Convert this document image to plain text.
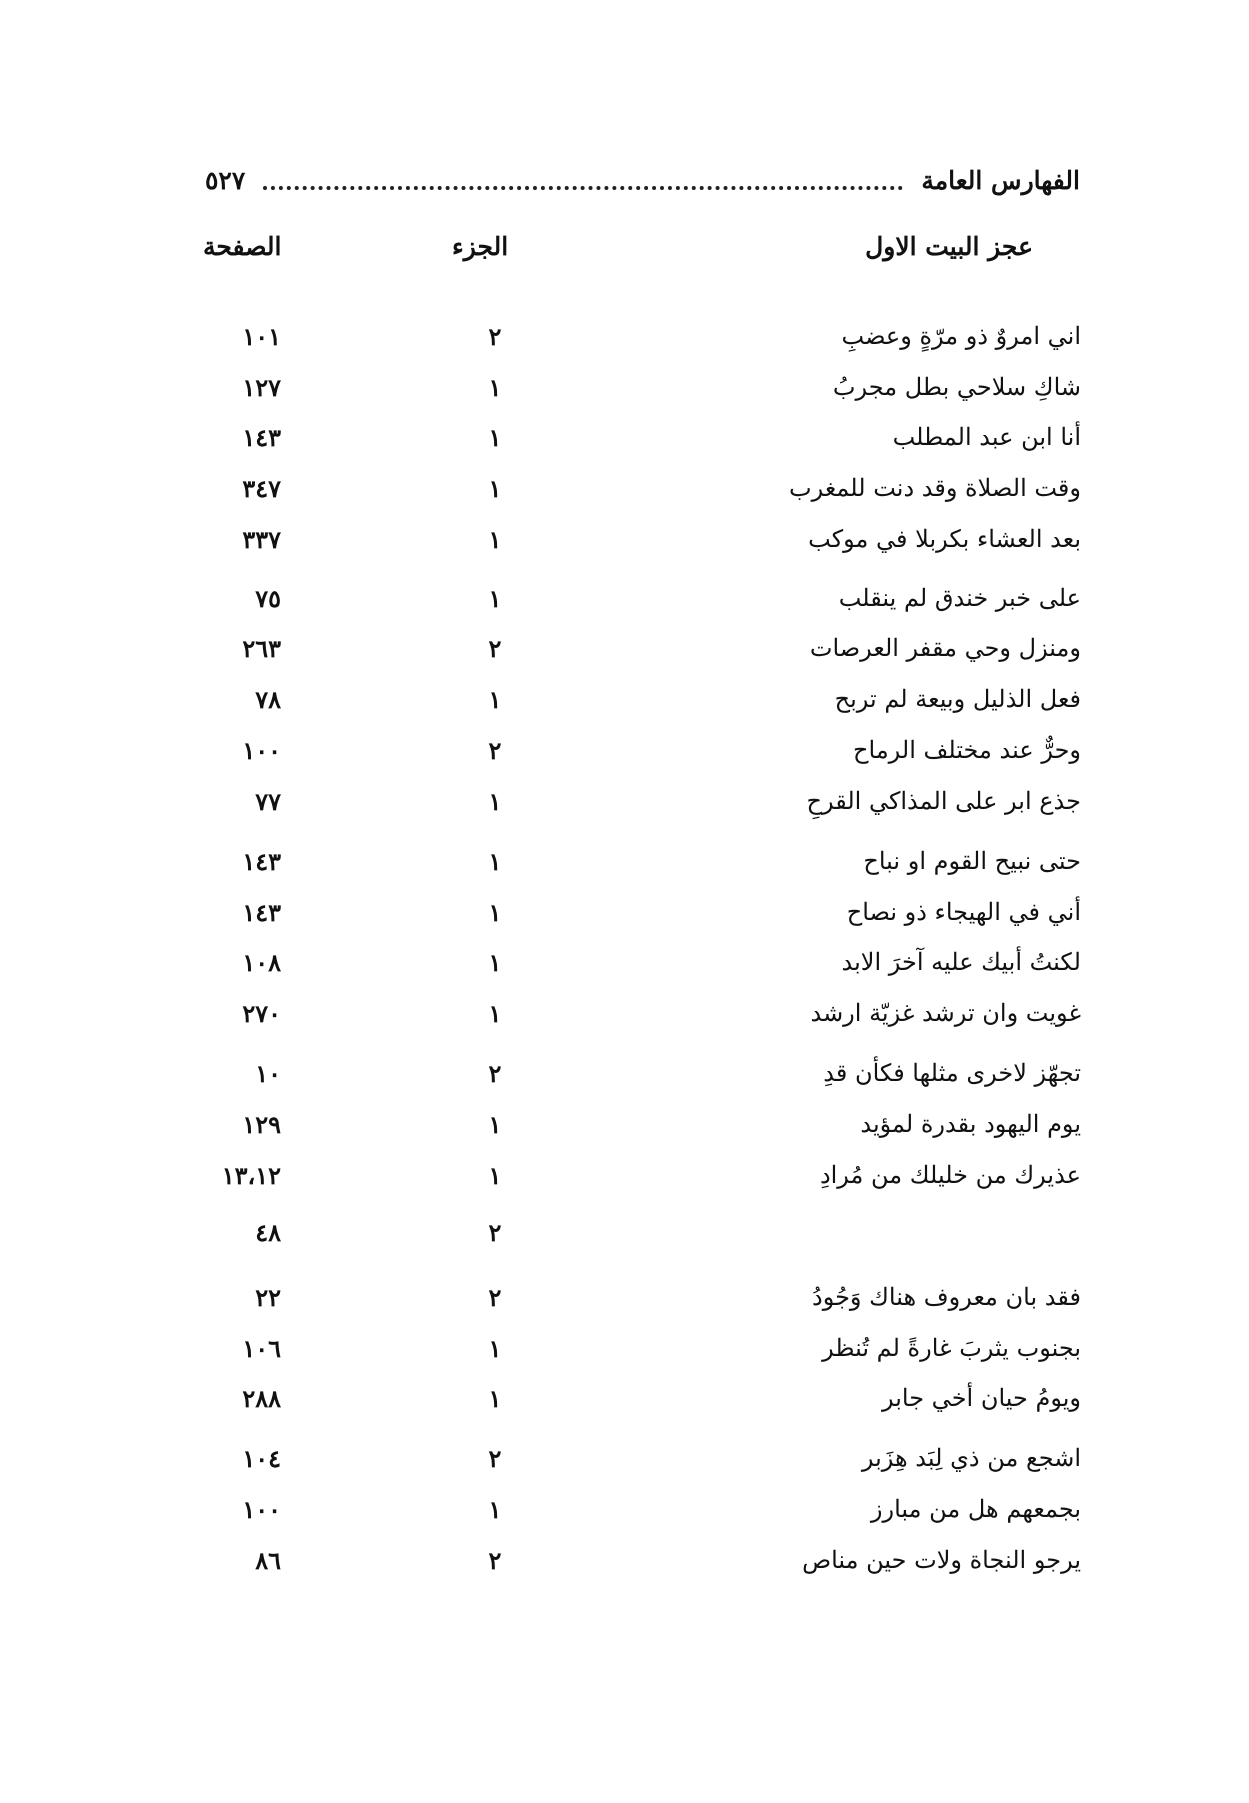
الفهارس العامة
٥٢٧
عجز البيت الاول
الجزء
الصفحة
اني امروٌ ذو مرّةٍ وعضبِ
٢
١٠١
شاكِ سلاحي بطل مجربُ
١
١٢٧
أنا ابن عبد المطلب
١
١٤٣
وقت الصلاة وقد دنت للمغرب
١
٣٤٧
بعد العشاء بكربلا في موكب
١
٣٣٧
على خبر خندق لم ينقلب
١
٧٥
ومنزل وحي مقفر العرصات
٢
٢٦٣
فعل الذليل وبيعة لم تربح
١
٧٨
وحرٌّ عند مختلف الرماح
٢
١٠٠
جذع ابر على المذاكي القرحِ
١
٧٧
حتى نبيح القوم او نباح
١
١٤٣
أني في الهيجاء ذو نصاح
١
١٤٣
لكنتُ أبيك عليه آخرَ الابد
١
١٠٨
غويت وان ترشد غزيّة ارشد
١
٢٧٠
تجهّز لاخرى مثلها فكأن قدِ
٢
١٠
يوم اليهود بقدرة لمؤيد
١
١٢٩
عذيرك من خليلك من مُرادِ
١
١٣،١٢
٢
٤٨
فقد بان معروف هناك وَجُودُ
٢
٢٢
بجنوب يثربَ غارةً لم تُنظر
١
١٠٦
ويومُ حيان أخي جابر
١
٢٨٨
اشجع من ذي لِبَد هِزَبر
٢
١٠٤
بجمعهم هل من مبارز
١
١٠٠
يرجو النجاة ولات حين مناص
٢
٨٦
